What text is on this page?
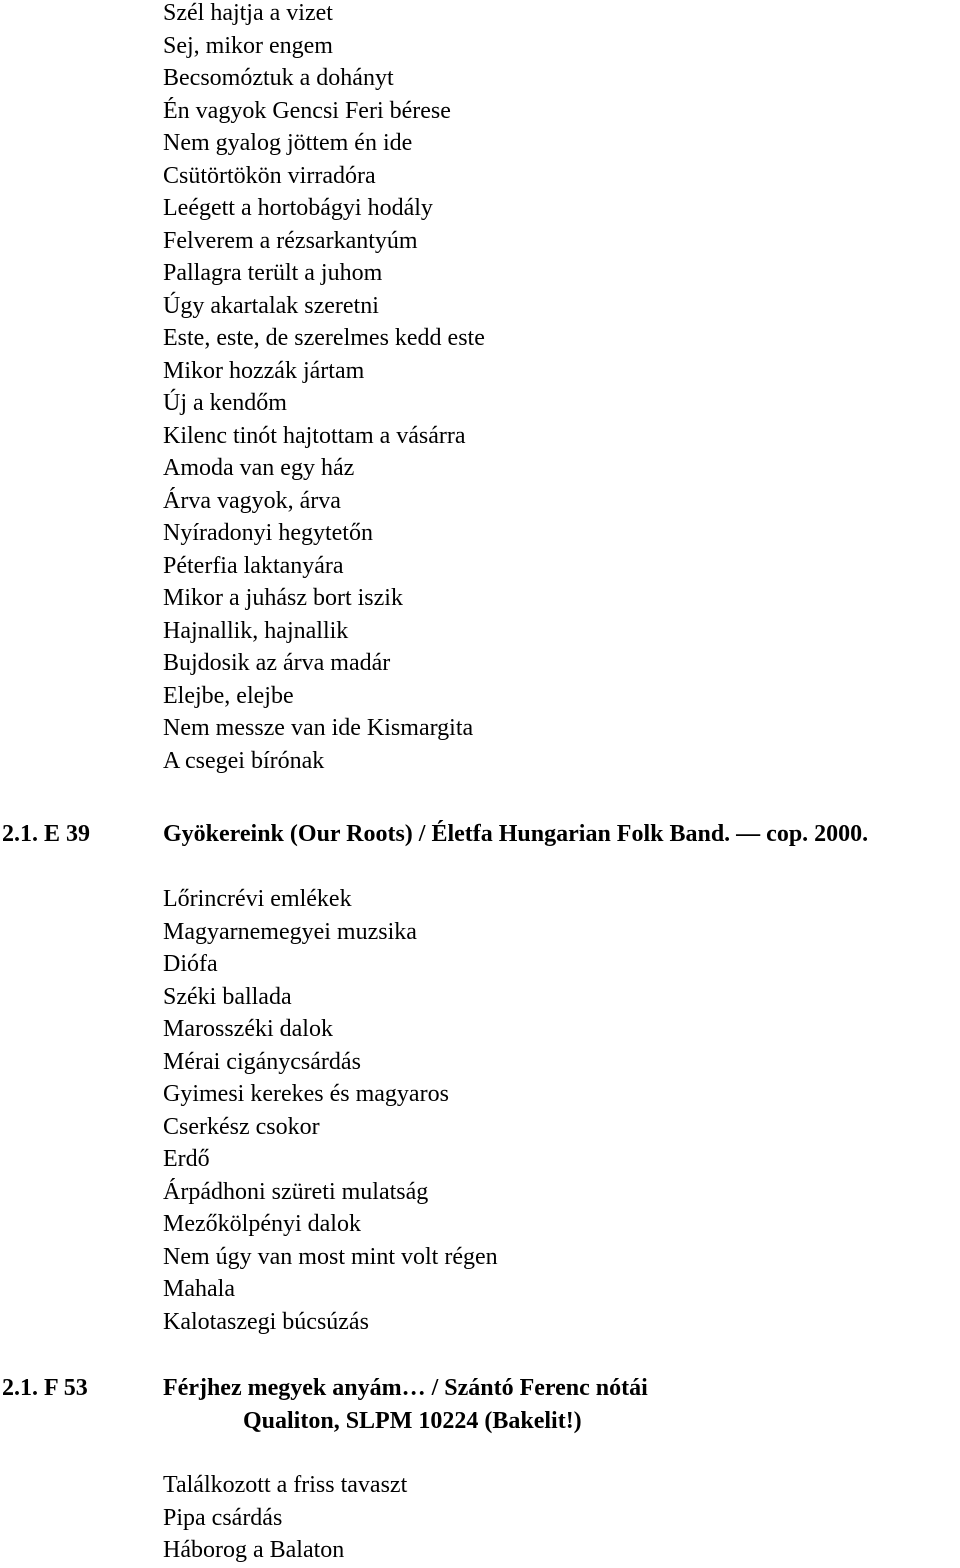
Szél hajtja a vizet
Sej, mikor engem
Becsomóztuk a dohányt
Én vagyok Gencsi Feri bérese
Nem gyalog jöttem én ide
Csütörtökön virradóra
Leégett a hortobágyi hodály
Felverem a rézsarkantyúm
Pallagra terült a juhom
Úgy akartalak szeretni
Este, este, de szerelmes kedd este
Mikor hozzák jártam
Új a kendőm
Kilenc tinót hajtottam a vásárra
Amoda van egy ház
Árva vagyok, árva
Nyíradonyi hegytetőn
Péterfia laktanyára
Mikor a juhász bort iszik
Hajnallik, hajnallik
Bujdosik az árva madár
Elejbe, elejbe
Nem messze van ide Kismargita
A csegei bírónak
2.1. E 39	Gyökereink (Our Roots) / Életfa Hungarian Folk Band. — cop. 2000.
Lőrincrévi emlékek
Magyarnemegyei muzsika
Diófa
Széki ballada
Marosszéki dalok
Mérai cigánycsárdás
Gyimesi kerekes és magyaros
Cserkész csokor
Erdő
Árpádhoni szüreti mulatság
Mezőkölpényi dalok
Nem úgy van most mint volt régen
Mahala
Kalotaszegi búcsúzás
2.1. F 53	Férjhez megyek anyám… / Szántó Ferenc nótái
Qualiton, SLPM 10224 (Bakelit!)
Találkozott a friss tavaszt
Pipa csárdás
Háborog a Balaton
